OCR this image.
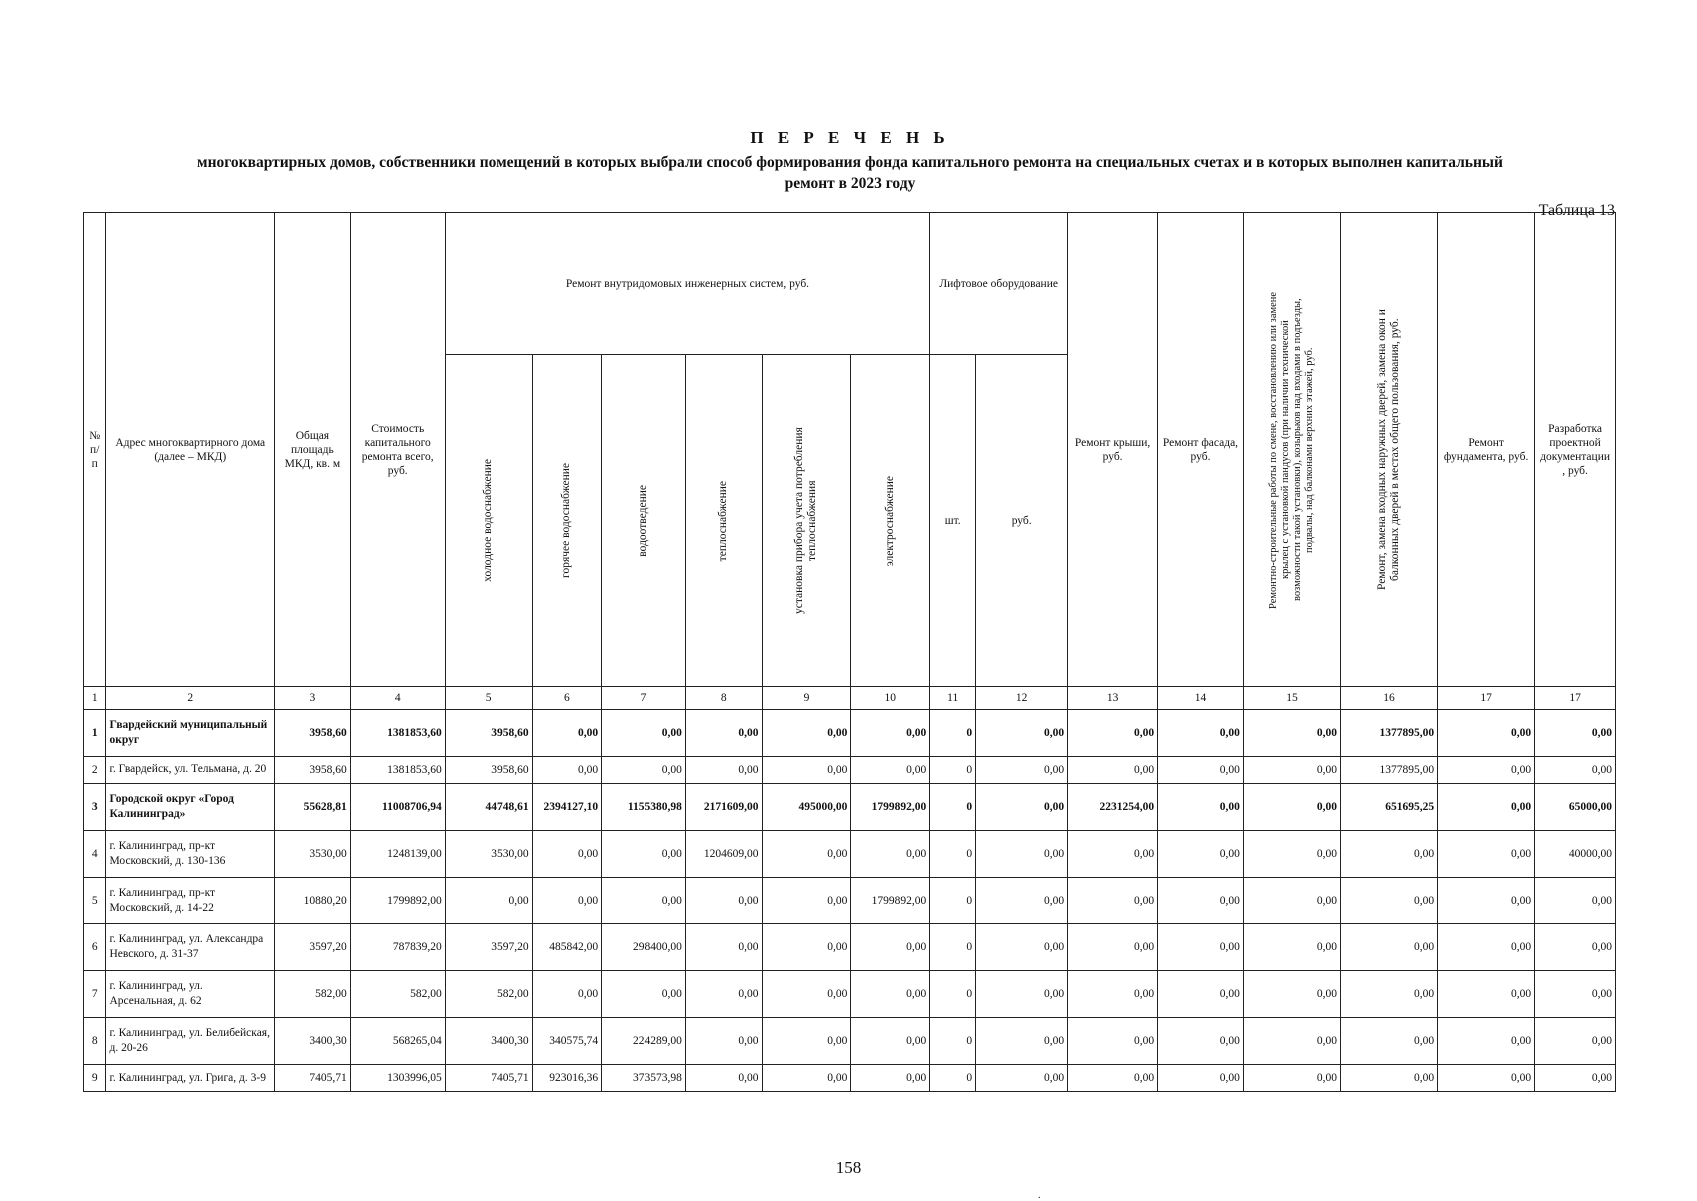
П Е Р Е Ч Е Н Ь
многоквартирных домов, собственники помещений в которых выбрали способ формирования фонда капитального ремонта на специальных счетах и в которых выполнен капитальный
ремонт в 2023 году
Таблица 13
№ п/п	Адрес многоквартирного дома (далее – МКД)	Общая площадь МКД, кв. м	Стоимость капитального ремонта всего, руб.	Ремонт внутридомовых инженерных систем, руб.						Лифтовое оборудование		Ремонт крыши, руб.	Ремонт фасада, руб.	Ремонтно-строительные работы по смене, восстановлению или замене крылец с установкой пандусов (при наличии технической возможности такой установки), козырьков над входами в подъезды, подвалы, над балконами верхних этажей, руб.	Ремонт, замена входных наружных дверей, замена окон и балконных дверей в местах общего пользования, руб.	Ремонт фундамента, руб.	Разработка проектной документации , руб.

				холодное водоснабжение	горячее водоснабжение	водоотведение	теплоснабжение	установка прибора учета потребления теплоснабжения	электроснабжение	шт.	руб.						
1	2	3	4	5	6	7	8	9	10	11	12	13	14	15	16	17	17
1	Гвардейский муниципальный округ	3958,60	1381853,60	3958,60	0,00	0,00	0,00	0,00	0,00	0	0,00	0,00	0,00	0,00	1377895,00	0,00	0,00
2	г. Гвардейск, ул. Тельмана, д. 20	3958,60	1381853,60	3958,60	0,00	0,00	0,00	0,00	0,00	0	0,00	0,00	0,00	0,00	1377895,00	0,00	0,00
3	Городской округ «Город Калининград»	55628,81	11008706,94	44748,61	2394127,10	1155380,98	2171609,00	495000,00	1799892,00	0	0,00	2231254,00	0,00	0,00	651695,25	0,00	65000,00
4	г. Калининград, пр-кт Московский, д. 130-136	3530,00	1248139,00	3530,00	0,00	0,00	1204609,00	0,00	0,00	0	0,00	0,00	0,00	0,00	0,00	0,00	40000,00
5	г. Калининград, пр-кт Московский, д. 14-22	10880,20	1799892,00	0,00	0,00	0,00	0,00	0,00	1799892,00	0	0,00	0,00	0,00	0,00	0,00	0,00	0,00
6	г. Калининград, ул. Александра Невского, д. 31-37	3597,20	787839,20	3597,20	485842,00	298400,00	0,00	0,00	0,00	0	0,00	0,00	0,00	0,00	0,00	0,00	0,00
7	г. Калининград, ул. Арсенальная, д. 62	582,00	582,00	582,00	0,00	0,00	0,00	0,00	0,00	0	0,00	0,00	0,00	0,00	0,00	0,00	0,00
8	г. Калининград, ул. Белибейская, д. 20-26	3400,30	568265,04	3400,30	340575,74	224289,00	0,00	0,00	0,00	0	0,00	0,00	0,00	0,00	0,00	0,00	0,00
9	г. Калининград, ул. Грига, д. 3-9	7405,71	1303996,05	7405,71	923016,36	373573,98	0,00	0,00	0,00	0	0,00	0,00	0,00	0,00	0,00	0,00	0,00
158
.
